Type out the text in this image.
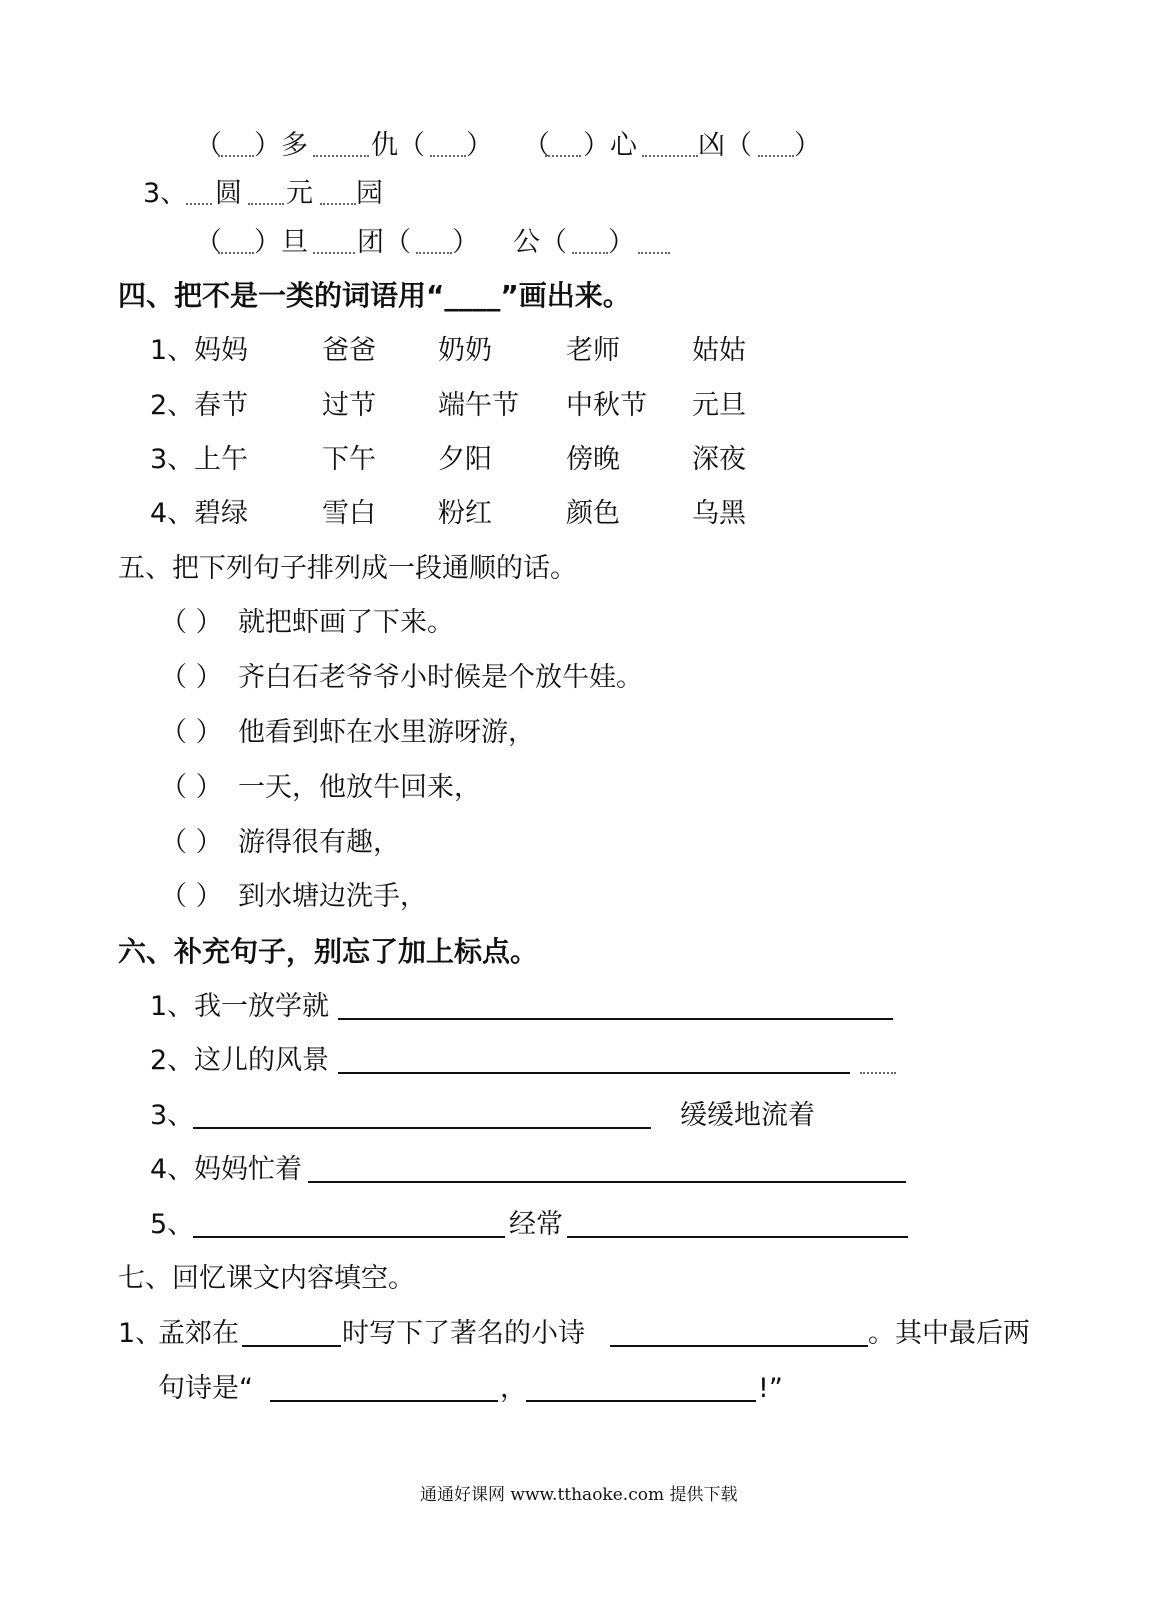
（ ）多 仇（ ） （ ）心 凶（ ）
3、 圆 元 园
（ ）旦 团（ ） 公（ ）
四、把不是一类的词语用“____”画出来。
1、 妈妈	爸爸 奶奶	老师	姑姑
2、 春节	过节 端午节 中秋节 元旦
3、 上午	下午 夕阳	傍晚	深夜
4、 碧绿	雪白 粉红	颜色	乌黑
五、把下列句子排列成一段通顺的话。
（ ） 就把虾画了下来。
（ ） 齐白石老爷爷小时候是个放牛娃。
（ ） 他看到虾在水里游呀游，
（ ） 一天，他放牛回来，
（ ） 游得很有趣，
（ ） 到水塘边洗手，
六、补充句子，别忘了加上标点。
1、 我一放学就
2、 这儿的风景
3、	缓缓地流着
4、 妈妈忙着
5、	经常
七、回忆课文内容填空。
1、
孟郊在	时写下了著名的小诗	。其中最后两
句诗是“	，	!”
通通好课网 www.tthaoke.com 提供下载
